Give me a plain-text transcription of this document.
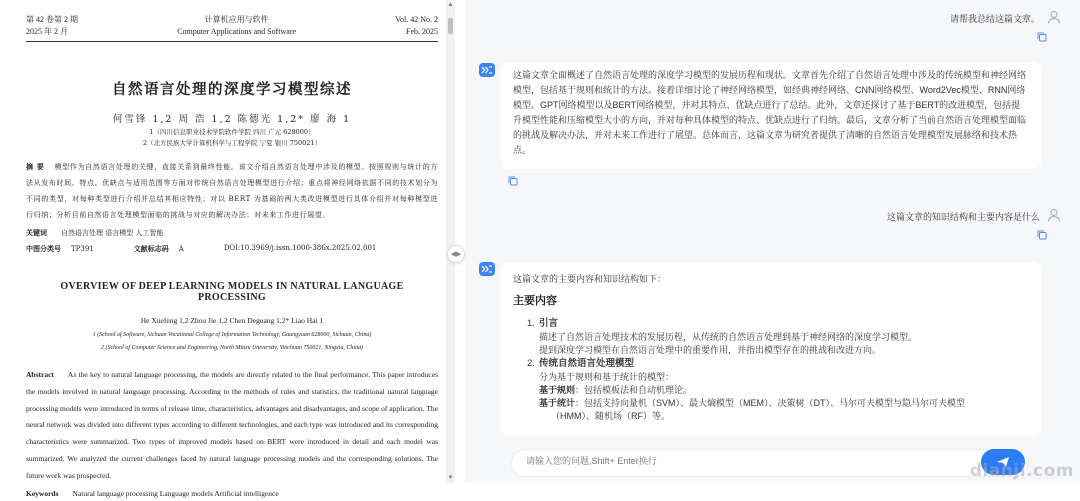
第 42 卷第 2 期
2025 年 2 月
计算机应用与软件
Computer Applications and Software
Vol. 42 No. 2
Feb. 2025
自然语言处理的深度学习模型综述
何雪锋 1,2 周 浩 1,2 陈德光 1,2* 廖 海 1
1（四川信息职业技术学院软件学院 四川 广元 628000）
2（北方民族大学计算机科学与工程学院 宁夏 银川 750021）
摘 要 模型作为自然语言处理的关键，直接关系到最终性能。该文介绍自然语言处理中涉及的模型。按照规则与统计的方法从发布时间、特点、优缺点与适用范围等方面对传统自然语言处理模型进行介绍；重点将神经网络依据不同的技术划分为不同的类型，对每种类型进行介绍并总结其相应特性；对以 BERT 为基础的两大类改进模型进行具体介绍并对每种模型进行归纳；分析目前自然语言处理模型面临的挑战与对应的解决办法；对未来工作进行展望。
关键词 自然语言处理 语言模型 人工智能
中图分类号 TP391	文献标志码 A	DOI:10.3969/j.issn.1000-386x.2025.02.001
OVERVIEW OF DEEP LEARNING MODELS IN NATURAL LANGUAGE PROCESSING
He Xuefeng 1,2 Zhou Jie 1,2 Chen Deguang 1,2* Liao Hai 1
1 (School of Software, Sichuan Vocational College of Information Technology, Guangyuan 628000, Sichuan, China)
2 (School of Computer Science and Engineering, North Minzu University, Yinchuan 750021, Ningxia, China)
Abstract As the key to natural language processing, the models are directly related to the final performance. This paper introduces the models involved in natural language processing. According to the methods of rules and statistics, the traditional natural language processing models were introduced in terms of release time, characteristics, advantages and disadvantages, and scope of application. The neural network was divided into different types according to different technologies, and each type was introduced and its corresponding characteristics were summarized. Two types of improved models based on BERT were introduced in detail and each model was summarized. We analyzed the current challenges faced by natural language processing models and the corresponding solutions. The future work was prospected.
Keywords Natural language processing Language models Artificial intelligence
▲
▼
◀▶
请帮我总结这篇文章。
这篇文章全面概述了自然语言处理的深度学习模型的发展历程和现状。文章首先介绍了自然语言处理中涉及的传统模型和神经网络模型，包括基于规则和统计的方法。接着详细讨论了神经网络模型，如经典神经网络、CNN网络模型、Word2Vec模型、RNN网络模型、GPT网络模型以及BERT网络模型，并对其特点、优缺点进行了总结。此外，文章还探讨了基于BERT的改进模型，包括提升模型性能和压缩模型大小的方向，并对每种具体模型的特点、优缺点进行了归纳。最后，文章分析了当前自然语言处理模型面临的挑战及解决办法，并对未来工作进行了展望。总体而言，这篇文章为研究者提供了清晰的自然语言处理模型发展脉络和技术热点。
这篇文章的知识结构和主要内容是什么
这篇文章的主要内容和知识结构如下：
主要内容
1. 引言
描述了自然语言处理技术的发展历程，从传统的自然语言处理到基于神经网络的深度学习模型。
提到深度学习模型在自然语言处理中的重要作用，并指出模型存在的挑战和改进方向。
2. 传统自然语言处理模型
分为基于规则和基于统计的模型：
基于规则：包括模板法和自动机理论。
基于统计：包括支持向量机（SVM）、最大熵模型（MEM）、决策树（DT）、马尔可夫模型与隐马尔可夫模型
（HMM）、随机场（RF）等。
请输入您的问题,Shift+ Enter换行
dianji.com
